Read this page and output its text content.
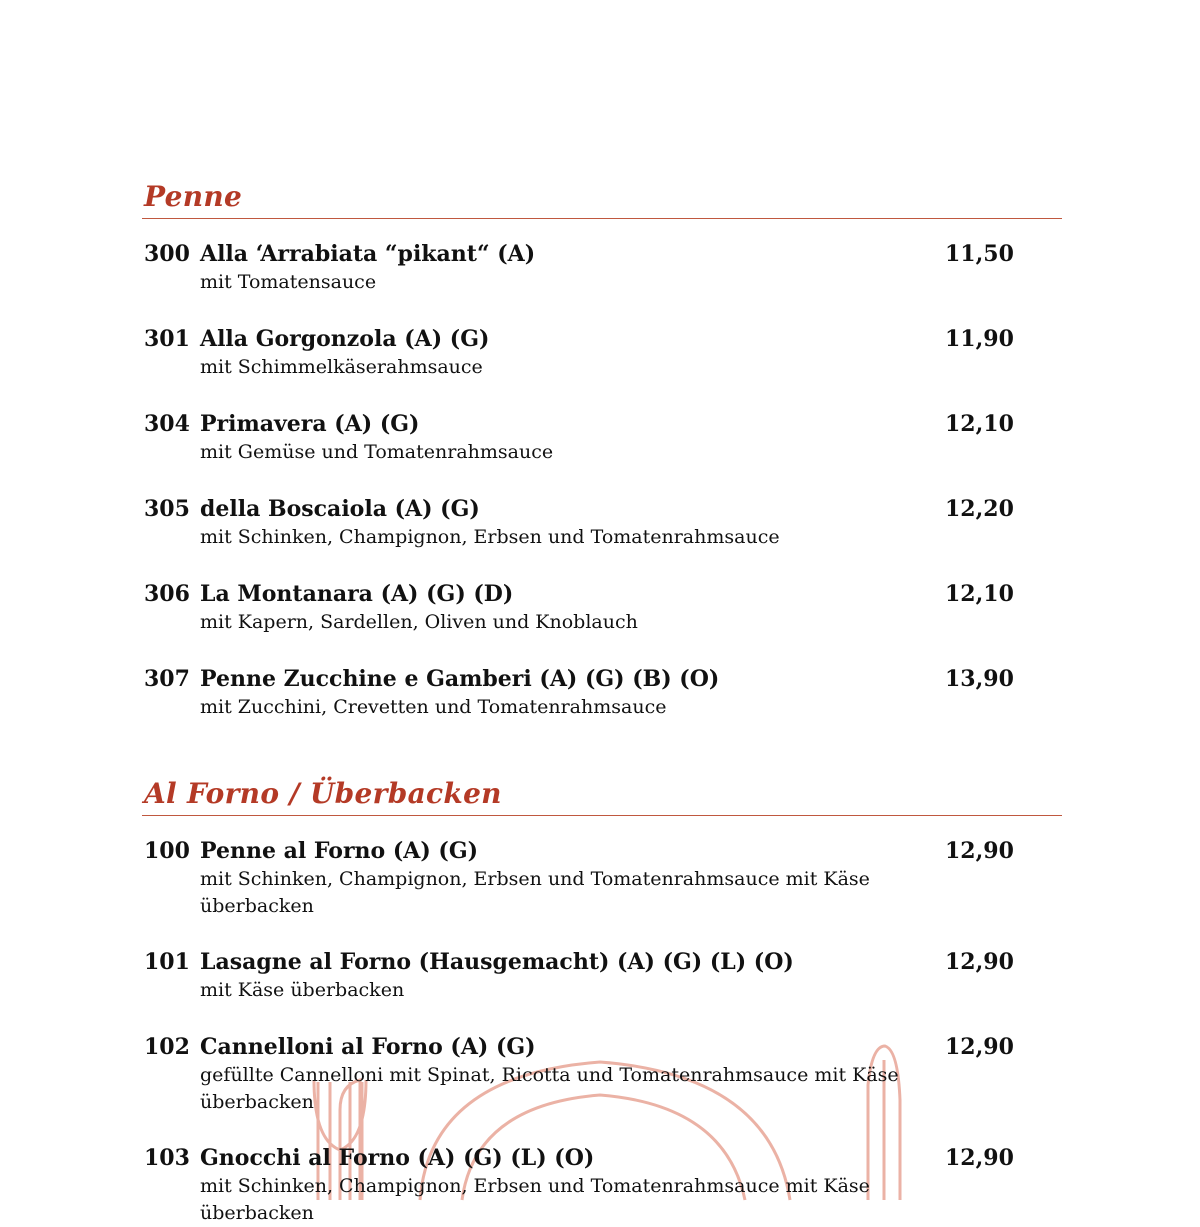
Penne
300 Alla ‘Arrabiata “pikant“ (A)	11,50
mit Tomatensauce
301 Alla Gorgonzola (A) (G)	11,90
mit Schimmelkäserahmsauce
304 Primavera (A) (G)	12,10
mit Gemüse und Tomatenrahmsauce
305 della Boscaiola (A) (G)	12,20
mit Schinken, Champignon, Erbsen und Tomatenrahmsauce
306 La Montanara (A) (G) (D)	12,10
mit Kapern, Sardellen, Oliven und Knoblauch
307 Penne Zucchine e Gamberi (A) (G) (B) (O)	13,90
mit Zucchini, Crevetten und Tomatenrahmsauce
Al Forno / Überbacken
100 Penne al Forno (A) (G)	12,90
mit Schinken, Champignon, Erbsen und Tomatenrahmsauce mit Käse überbacken
101 Lasagne al Forno (Hausgemacht) (A) (G) (L) (O)	12,90
mit Käse überbacken
102 Cannelloni al Forno (A) (G)	12,90
gefüllte Cannelloni mit Spinat, Ricotta und Tomatenrahmsauce mit Käse überbacken
103 Gnocchi al Forno (A) (G) (L) (O)	12,90
mit Schinken, Champignon, Erbsen und Tomatenrahmsauce mit Käse überbacken
